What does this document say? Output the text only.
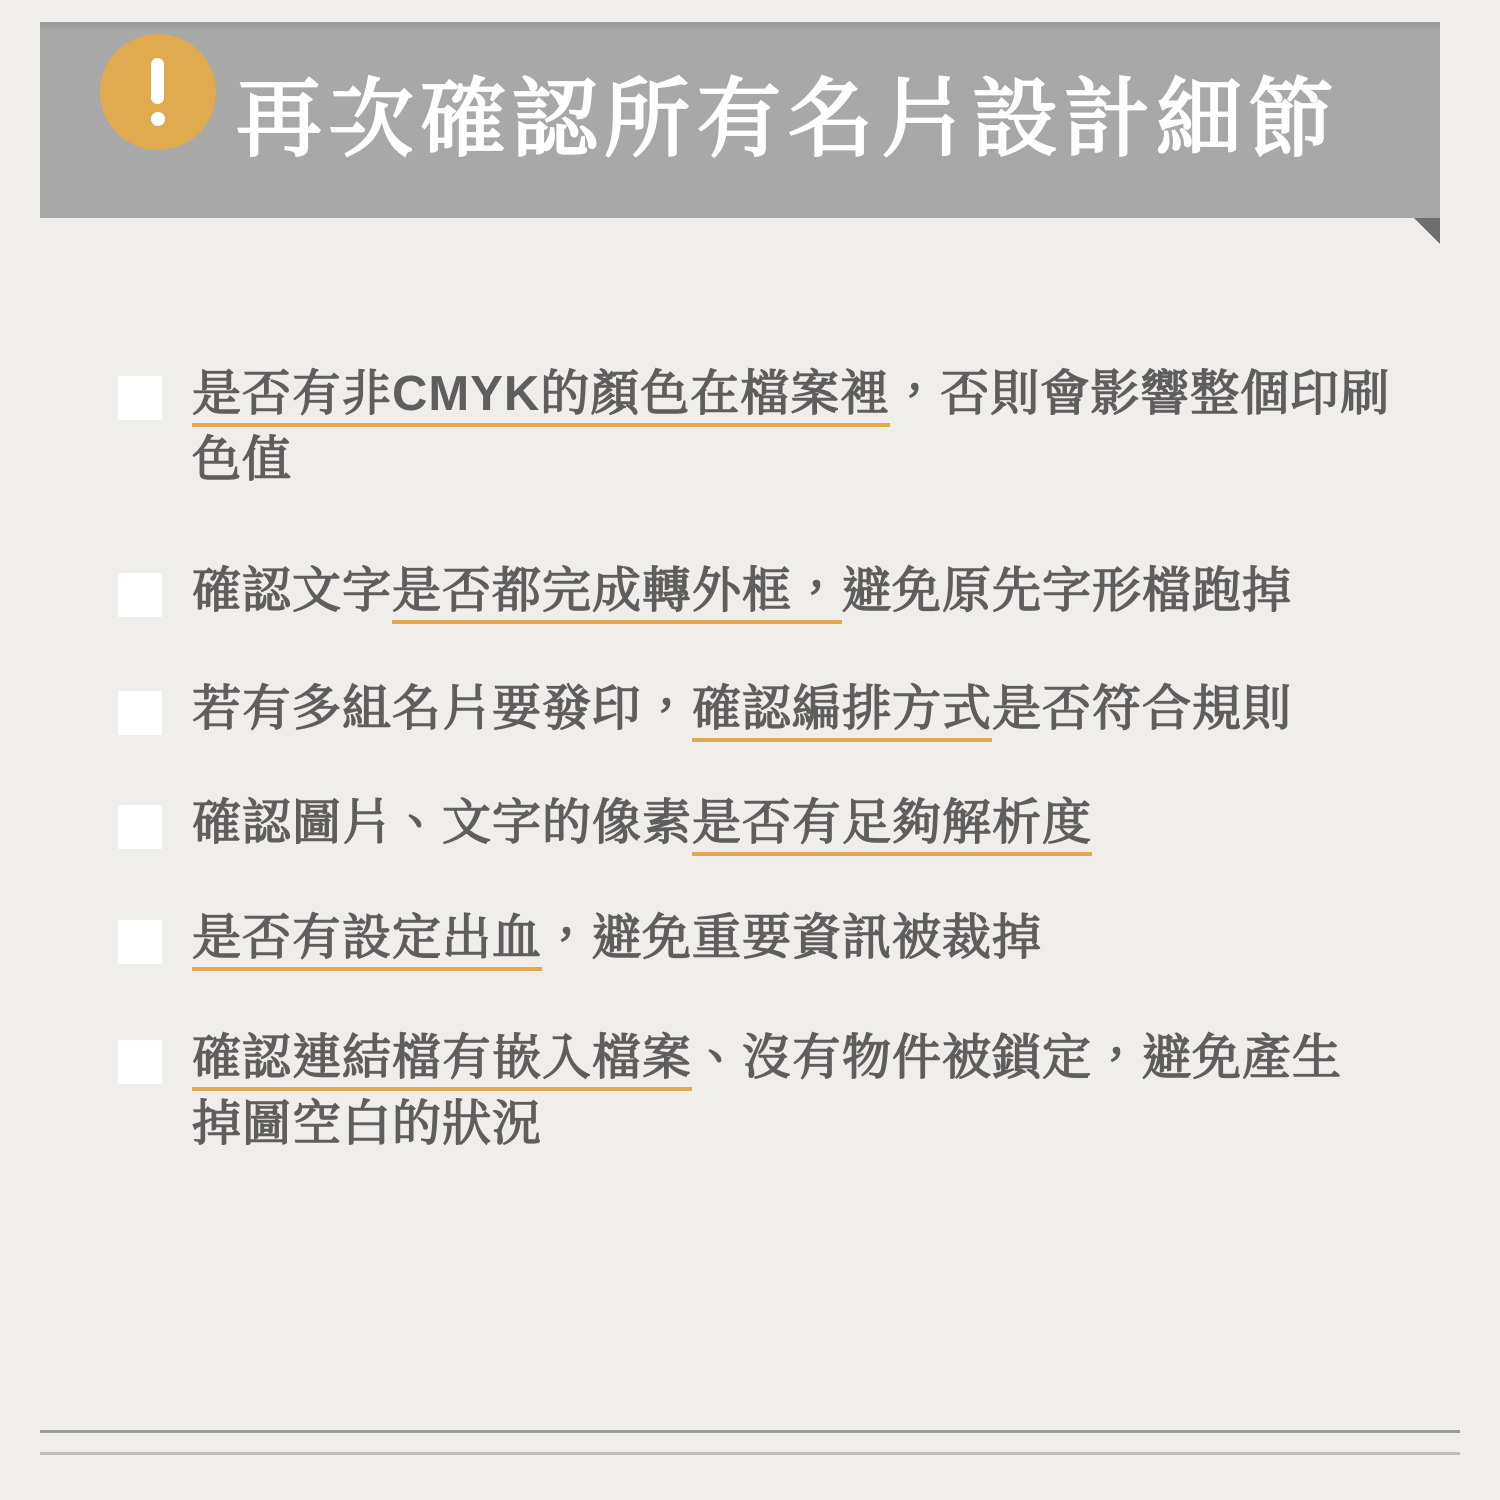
再次確認所有名片設計細節
是否有非CMYK的顏色在檔案裡，否則會影響整個印刷色值
確認文字是否都完成轉外框，避免原先字形檔跑掉
若有多組名片要發印，確認編排方式是否符合規則
確認圖片、文字的像素是否有足夠解析度
是否有設定出血，避免重要資訊被裁掉
確認連結檔有嵌入檔案、沒有物件被鎖定，避免產生掉圖空白的狀況
